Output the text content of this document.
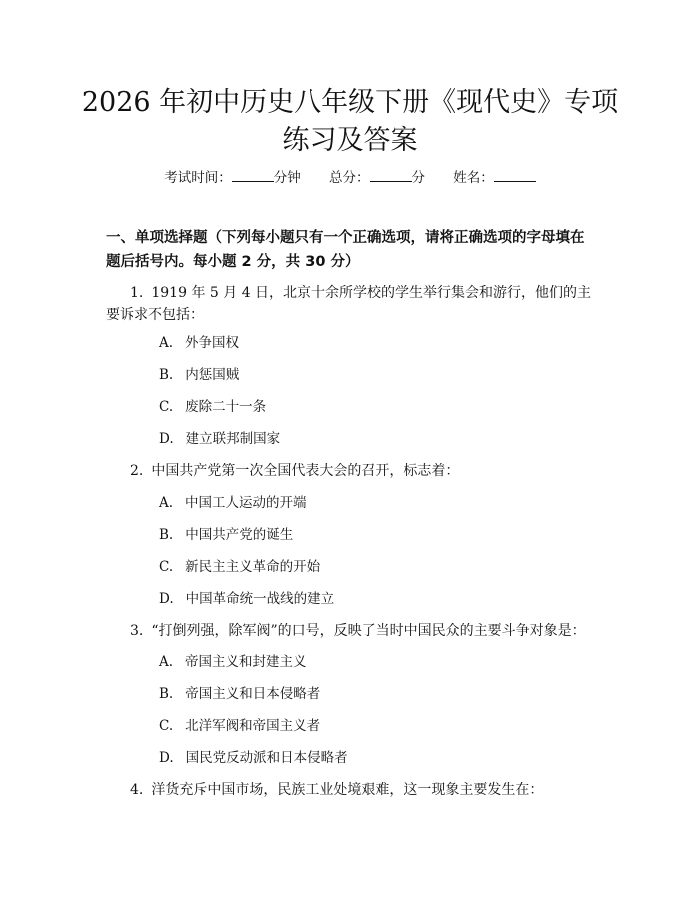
2026 年初中历史八年级下册《现代史》专项
练习及答案
考试时间：	分钟 总分：	分 姓名：

一、单项选择题（下列每小题只有一个正确选项，请将正确选项的字母填在题后括号内。每小题 2 分，共 30 分）

1. 1919 年 5 月 4 日，北京十余所学校的学生举行集会和游行，他们的主要诉求不包括：
A. 外争国权
B. 内惩国贼
C. 废除二十一条
D. 建立联邦制国家
2. 中国共产党第一次全国代表大会的召开，标志着：
A. 中国工人运动的开端
B. 中国共产党的诞生
C. 新民主主义革命的开始
D. 中国革命统一战线的建立
3. “打倒列强，除军阀”的口号，反映了当时中国民众的主要斗争对象是：
A. 帝国主义和封建主义
B. 帝国主义和日本侵略者
C. 北洋军阀和帝国主义者
D. 国民党反动派和日本侵略者
4. 洋货充斥中国市场，民族工业处境艰难，这一现象主要发生在：
